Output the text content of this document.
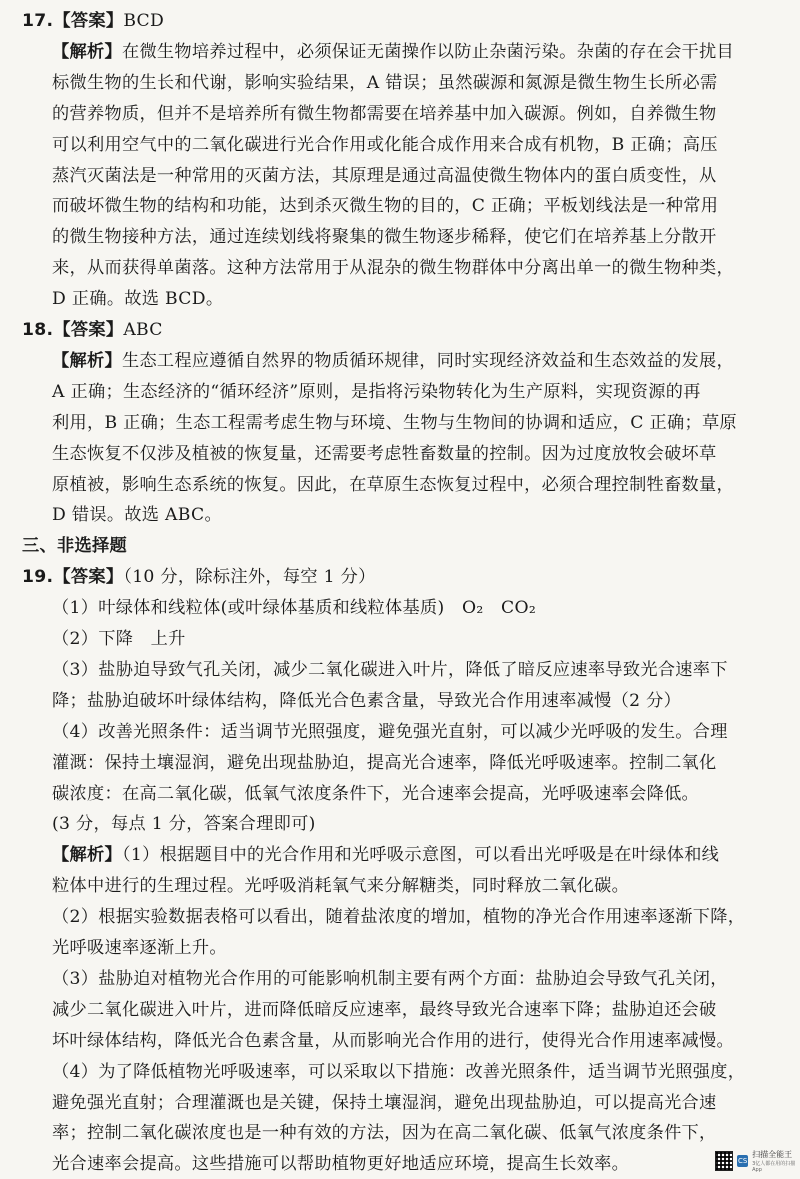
17.【答案】BCD
【解析】在微生物培养过程中，必须保证无菌操作以防止杂菌污染。杂菌的存在会干扰目
标微生物的生长和代谢，影响实验结果，A 错误；虽然碳源和氮源是微生物生长所必需
的营养物质，但并不是培养所有微生物都需要在培养基中加入碳源。例如，自养微生物
可以利用空气中的二氧化碳进行光合作用或化能合成作用来合成有机物，B 正确；高压
蒸汽灭菌法是一种常用的灭菌方法，其原理是通过高温使微生物体内的蛋白质变性，从
而破坏微生物的结构和功能，达到杀灭微生物的目的，C 正确；平板划线法是一种常用
的微生物接种方法，通过连续划线将聚集的微生物逐步稀释，使它们在培养基上分散开
来，从而获得单菌落。这种方法常用于从混杂的微生物群体中分离出单一的微生物种类，
D 正确。故选 BCD。
18.【答案】ABC
【解析】生态工程应遵循自然界的物质循环规律，同时实现经济效益和生态效益的发展，
A 正确；生态经济的“循环经济”原则，是指将污染物转化为生产原料，实现资源的再
利用，B 正确；生态工程需考虑生物与环境、生物与生物间的协调和适应，C 正确；草原
生态恢复不仅涉及植被的恢复量，还需要考虑牲畜数量的控制。因为过度放牧会破坏草
原植被，影响生态系统的恢复。因此，在草原生态恢复过程中，必须合理控制牲畜数量，
D 错误。故选 ABC。
三、非选择题
19.【答案】（10 分，除标注外，每空 1 分）
（1）叶绿体和线粒体(或叶绿体基质和线粒体基质)　O₂　CO₂
（2）下降　上升
（3）盐胁迫导致气孔关闭，减少二氧化碳进入叶片，降低了暗反应速率导致光合速率下
降；盐胁迫破坏叶绿体结构，降低光合色素含量，导致光合作用速率减慢（2 分）
（4）改善光照条件：适当调节光照强度，避免强光直射，可以减少光呼吸的发生。合理
灌溉：保持土壤湿润，避免出现盐胁迫，提高光合速率，降低光呼吸速率。控制二氧化
碳浓度：在高二氧化碳，低氧气浓度条件下，光合速率会提高，光呼吸速率会降低。
(3 分，每点 1 分，答案合理即可)
【解析】（1）根据题目中的光合作用和光呼吸示意图，可以看出光呼吸是在叶绿体和线
粒体中进行的生理过程。光呼吸消耗氧气来分解糖类，同时释放二氧化碳。
（2）根据实验数据表格可以看出，随着盐浓度的增加，植物的净光合作用速率逐渐下降，
光呼吸速率逐渐上升。
（3）盐胁迫对植物光合作用的可能影响机制主要有两个方面：盐胁迫会导致气孔关闭，
减少二氧化碳进入叶片，进而降低暗反应速率，最终导致光合速率下降；盐胁迫还会破
坏叶绿体结构，降低光合色素含量，从而影响光合作用的进行，使得光合作用速率减慢。
（4）为了降低植物光呼吸速率，可以采取以下措施：改善光照条件，适当调节光照强度，
避免强光直射；合理灌溉也是关键，保持土壤湿润，避免出现盐胁迫，可以提高光合速
率；控制二氧化碳浓度也是一种有效的方法，因为在高二氧化碳、低氧气浓度条件下，
光合速率会提高。这些措施可以帮助植物更好地适应环境，提高生长效率。	CS
扫描全能王
3亿人都在用的扫描App
